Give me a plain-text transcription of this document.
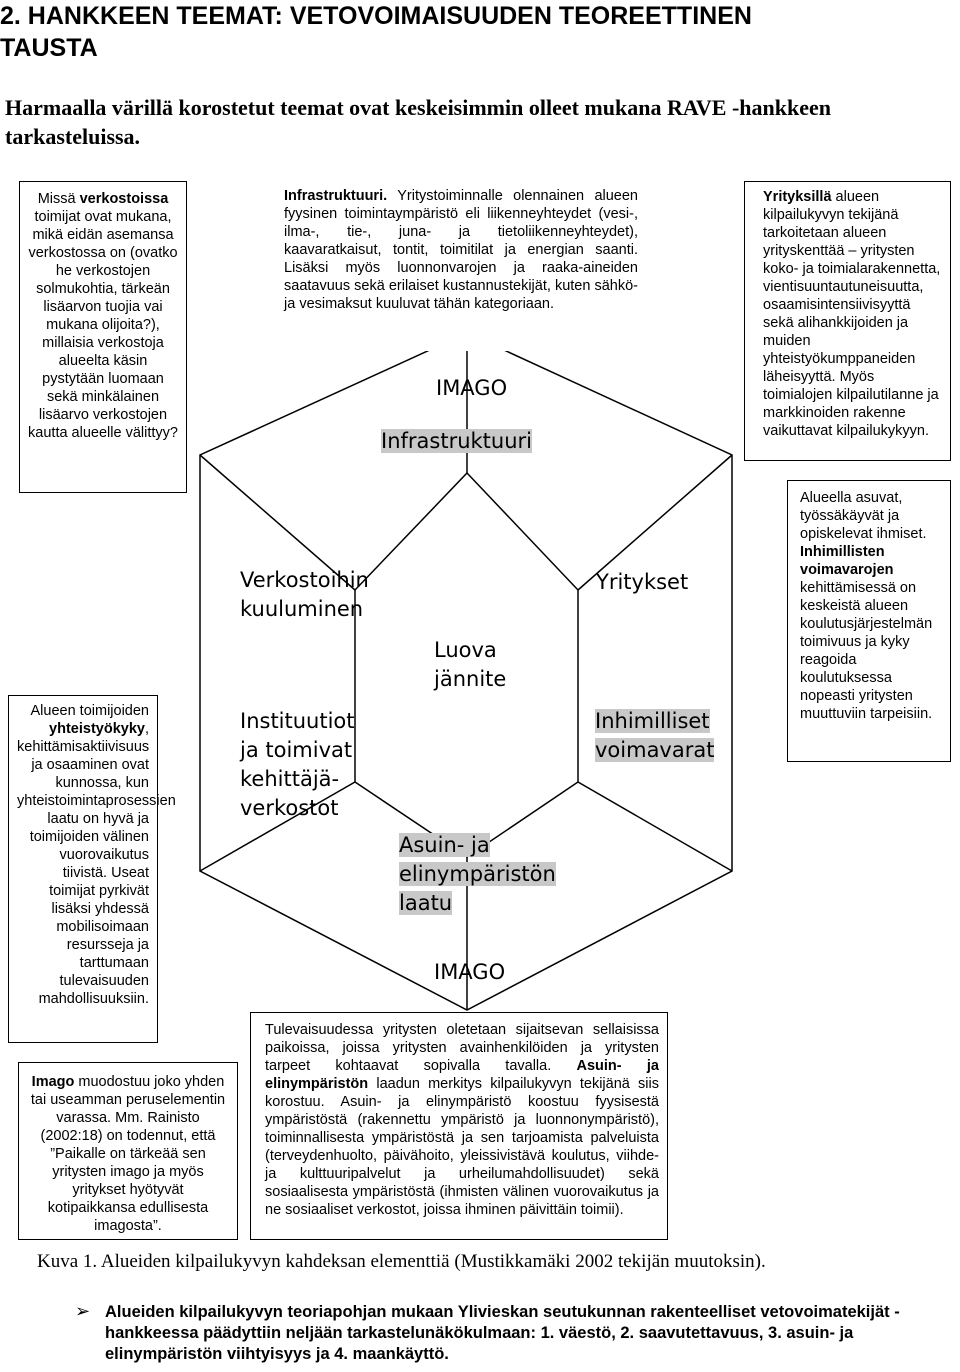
2. HANKKEEN TEEMAT: VETOVOIMAISUUDEN TEOREETTINEN
TAUSTA
Harmaalla värillä korostetut teemat ovat keskeisimmin olleet mukana RAVE -hankkeen tarkasteluissa.
IMAGO
Infrastruktuuri
Verkostoihin
kuuluminen
Yritykset
Luova
jännite
Instituutiot
ja toimivat
kehittäjä-
verkostot
Inhimilliset
voimavarat
Asuin- ja
elinympäristön
laatu
IMAGO
Missä verkostoissa toimijat ovat mukana, mikä eidän asemansa verkostossa on (ovatko he verkostojen solmukohtia, tärkeän lisäarvon tuojia vai mukana olijoita?), millaisia verkostoja alueelta käsin pystytään luomaan sekä minkälainen lisäarvo verkostojen kautta alueelle välittyy?
Infrastruktuuri. Yritystoiminnalle olennainen alueen fyysinen toimintaympäristö eli liikenneyhteydet (vesi-, ilma-, tie-, juna- ja tietoliikenneyhteydet), kaavaratkaisut, tontit, toimitilat ja energian saanti. Lisäksi myös luonnonvarojen ja raaka-aineiden saatavuus sekä erilaiset kustannustekijät, kuten sähkö- ja vesimaksut kuuluvat tähän kategoriaan.
Yrityksillä alueen kilpailukyvyn tekijänä tarkoitetaan alueen yrityskenttää – yritysten koko- ja toimialarakennetta, vientisuuntautuneisuutta, osaamisintensiivisyyttä sekä alihankkijoiden ja muiden yhteistyökumppaneiden läheisyyttä. Myös toimialojen kilpailutilanne ja markkinoiden rakenne vaikuttavat kilpailukykyyn.
Alueella asuvat, työssäkäyvät ja opiskelevat ihmiset. Inhimillisten voimavarojen kehittämisessä on keskeistä alueen koulutusjärjestelmän toimivuus ja kyky reagoida koulutuksessa nopeasti yritysten muuttuviin tarpeisiin.
Alueen toimijoiden yhteistyökyky, kehittämisaktiivisuus ja osaaminen ovat kunnossa, kun yhteistoimintaprosessien laatu on hyvä ja toimijoiden välinen vuorovaikutus tiivistä. Useat toimijat pyrkivät lisäksi yhdessä mobilisoimaan resursseja ja tarttumaan tulevaisuuden mahdollisuuksiin.
Imago muodostuu joko yhden tai useamman peruselementin varassa. Mm. Rainisto (2002:18) on todennut, että ”Paikalle on tärkeää sen yritysten imago ja myös yritykset hyötyvät kotipaikkansa edullisesta imagosta”.
Tulevaisuudessa yritysten oletetaan sijaitsevan sellaisissa paikoissa, joissa yritysten avainhenkilöiden ja yritysten tarpeet kohtaavat sopivalla tavalla. Asuin- ja elinympäristön laadun merkitys kilpailukyvyn tekijänä siis korostuu. Asuin- ja elinympäristö koostuu fyysisestä ympäristöstä (rakennettu ympäristö ja luonnonympäristö), toiminnallisesta ympäristöstä ja sen tarjoamista palveluista (terveydenhuolto, päivähoito, yleissivistävä koulutus, viihde- ja kulttuuripalvelut ja urheilumahdollisuudet) sekä sosiaalisesta ympäristöstä (ihmisten välinen vuorovaikutus ja ne sosiaaliset verkostot, joissa ihminen päivittäin toimii).
Kuva 1. Alueiden kilpailukyvyn kahdeksan elementtiä (Mustikkamäki 2002 tekijän muutoksin).
➢ Alueiden kilpailukyvyn teoriapohjan mukaan Ylivieskan seutukunnan rakenteelliset vetovoimatekijät -hankkeessa päädyttiin neljään tarkastelunäkökulmaan: 1. väestö, 2. saavutettavuus, 3. asuin- ja elinympäristön viihtyisyys ja 4. maankäyttö.
